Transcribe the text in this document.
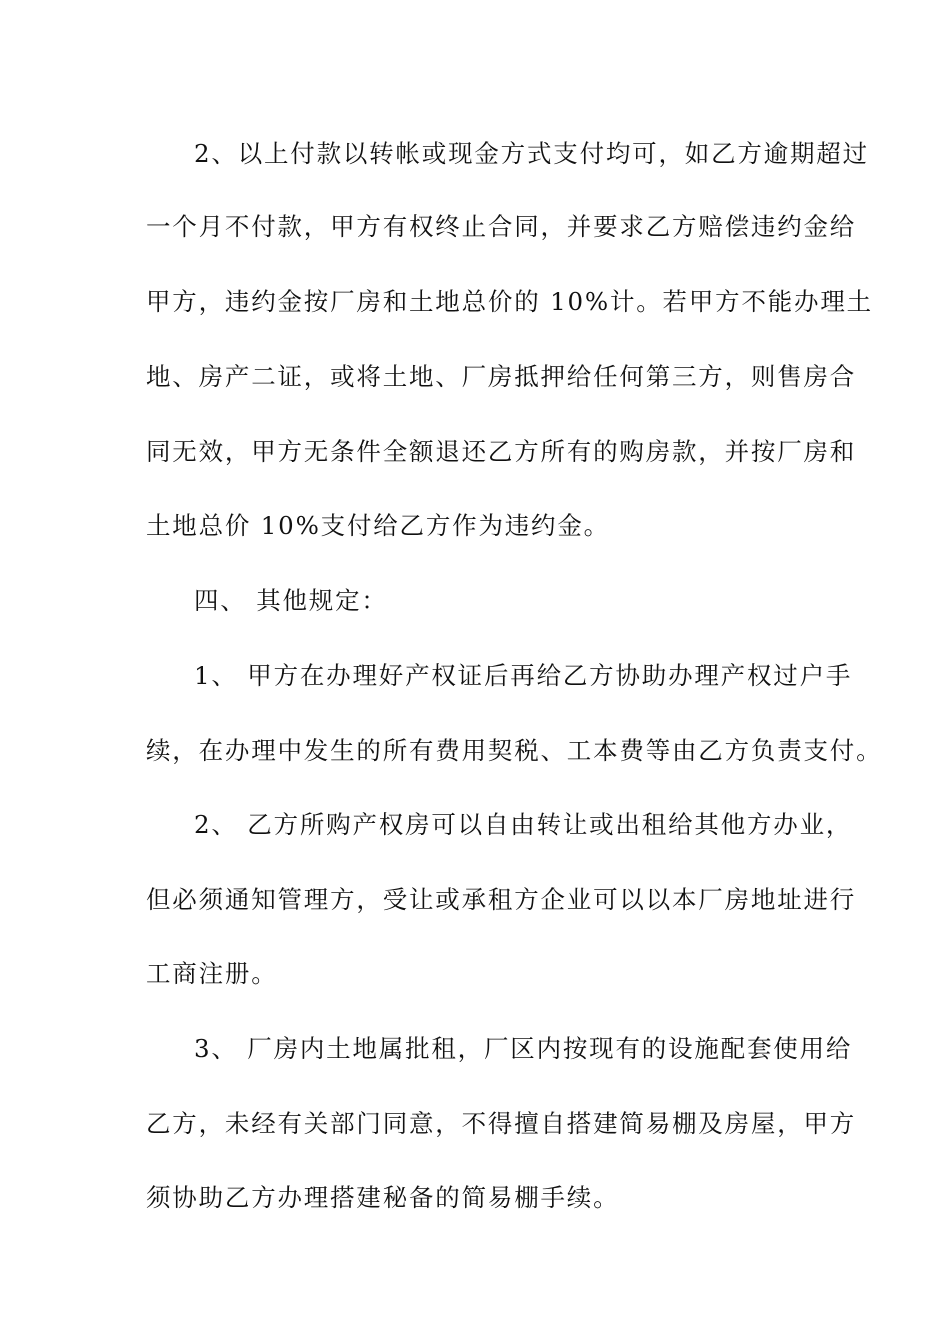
2、以上付款以转帐或现金方式支付均可，如乙方逾期超过
一个月不付款，甲方有权终止合同，并要求乙方赔偿违约金给
甲方，违约金按厂房和土地总价的 10%计。若甲方不能办理土
地、房产二证，或将土地、厂房抵押给任何第三方，则售房合
同无效，甲方无条件全额退还乙方所有的购房款，并按厂房和
土地总价 10%支付给乙方作为违约金。
四、 其他规定：
1、 甲方在办理好产权证后再给乙方协助办理产权过户手
续，在办理中发生的所有费用契税、工本费等由乙方负责支付。
2、 乙方所购产权房可以自由转让或出租给其他方办业，
但必须通知管理方，受让或承租方企业可以以本厂房地址进行
工商注册。
3、 厂房内土地属批租，厂区内按现有的设施配套使用给
乙方，未经有关部门同意，不得擅自搭建简易棚及房屋，甲方
须协助乙方办理搭建秘备的简易棚手续。
